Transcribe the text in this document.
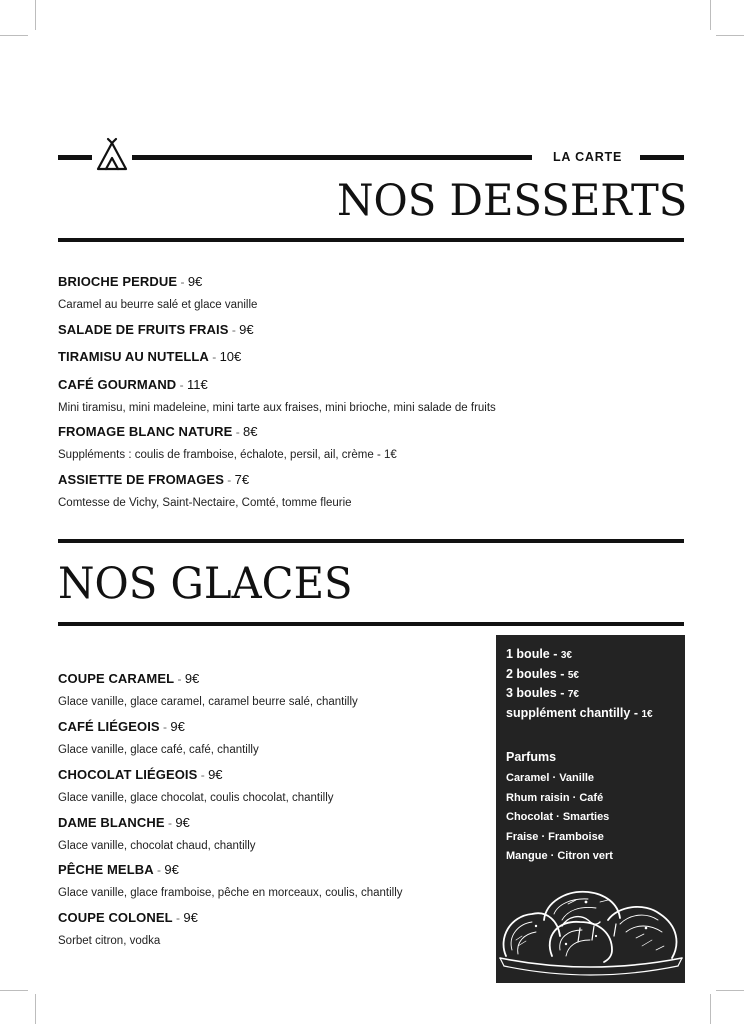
LA CARTE
NOS DESSERTS
BRIOCHE PERDUE - 9€
Caramel au beurre salé et glace vanille
SALADE DE FRUITS FRAIS - 9€
TIRAMISU AU NUTELLA - 10€
CAFÉ GOURMAND - 11€
Mini tiramisu, mini madeleine, mini tarte aux fraises, mini brioche, mini salade de fruits
FROMAGE BLANC NATURE - 8€
Suppléments : coulis de framboise, échalote, persil, ail, crème - 1€
ASSIETTE DE FROMAGES - 7€
Comtesse de Vichy, Saint-Nectaire, Comté, tomme fleurie
NOS GLACES
COUPE CARAMEL - 9€
Glace vanille, glace caramel, caramel beurre salé, chantilly
CAFÉ LIÉGEOIS - 9€
Glace vanille, glace café, café, chantilly
CHOCOLAT LIÉGEOIS - 9€
Glace vanille, glace chocolat, coulis chocolat, chantilly
DAME BLANCHE - 9€
Glace vanille, chocolat chaud, chantilly
PÊCHE MELBA - 9€
Glace vanille, glace framboise, pêche en morceaux, coulis, chantilly
COUPE COLONEL - 9€
Sorbet citron, vodka
1 boule - 3€
2 boules - 5€
3 boules - 7€
supplément chantilly - 1€
Parfums
Caramel · Vanille
Rhum raisin · Café
Chocolat · Smarties
Fraise · Framboise
Mangue · Citron vert
